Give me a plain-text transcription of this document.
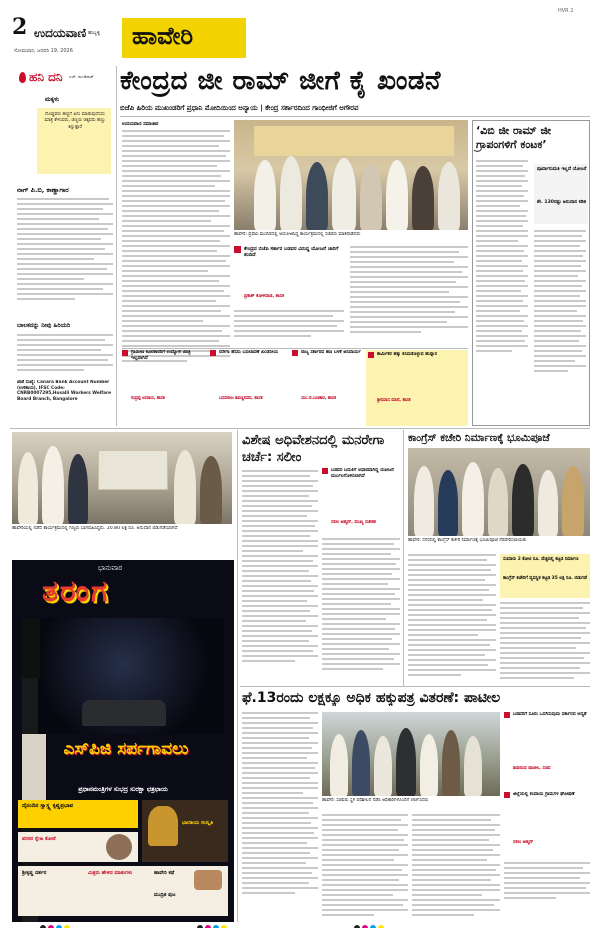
2 ಉದಯವಾಣಿ ಹುಬ್ಬಳ್ಳಿ
ಸೋಮವಾರ, ಜನವರಿ 19, 2026
ಹಾವೇರಿ
HVR 2
ಹನಿ ದನಿ ಎಚ್. ಡುಂಡಿರಾಜ್
ಮಕ್ಕಳು
ದೊಡ್ಡವರು ಹಣ್ಣಿಗೆ ಏನು ಮಾಡುವುದೆಂದು ಮಾತ್ರ ಕೇಳುವರು, ಚಿಣ್ಣರು ಚಿಕ್ಕವರು ಹಣ್ಣು ತಿನ್ನುತ್ತಾರೆ
ನಾಗ್ ಪಿ.ಬಿ, ಕಾಣ್ಣಾಗಾರ
ಬಾಲಕನನ್ನು ನೀವು ಹಿರಿಯರಿ
ಖಾತೆ ಸಂಖ್ಯೆ: Canara Bank Account Number (ಉಳಿತಾಯ), IFSC Code: CNRB0007295,Hosalli Workers Welfare Board Branch, Bangalore
ಕೇಂದ್ರದ ಜೀ ರಾಮ್ ಜೀಗೆ ಕೈ ಖಂಡನೆ
ಬಿಜೆಪಿ ಹಿರಿಯ ಮುಖಂಡರಿಗೆ ಪ್ರಧಾನಿ ಮೋದಿಯಿಂದ ಅನ್ಯಾಯ | ಕೇಂದ್ರ ಸರ್ಕಾರದಿಂದ ಗಾಂಧೀಜಿಗೆ ಅಗೌರವ
ಉದಯವಾಣಿ ಸಮಾಚಾರ
ಹಾವೇರಿ: ಪ್ರವಾಸಿ ಮಂದಿರದಲ್ಲಿ ಆಯೋಜಿಸಿದ್ದ ಕಾರ್ಯಕ್ರಮದಲ್ಲಿ ಸಚಿವರು ಮಾತನಾಡಿದರು
‘ವಿಬಿ ಜೀ ರಾಮ್ ಜೀ ಗ್ರಾಪಂಗಳಿಗೆ ಕಂಟಕ’
ಪೂರ್ವಾನುಮತಿ ಇಲ್ಲದೆ ಯೋಜನೆ
ಶೇ. 130ರಷ್ಟು ಅನುದಾನ ಕಡಿತ
ಕೇಂದ್ರದ ಬಿಜೆಪಿ ಸರ್ಕಾರ ಬಡವರ ವಿರುದ್ಧ ಯೋಜನೆ ಜಾರಿಗೆ ತಂದಿದೆ
ಪ್ರಕಾಶ್ ಕೋಳಿವಾಡ, ಶಾಸಕ
ಗ್ರಾಮೀಣ ಕೂಲಿಕಾರರಿಗೆ ಉದ್ಯೋಗ ಖಾತ್ರಿ ಇಲ್ಲವಾಗಿದೆ
ರುದ್ರಪ್ಪ ಲಮಾಣಿ, ಶಾಸಕ
ನರೇಗಾ ಹೆಸರು ಬದಲಾವಣೆ ಖಂಡನೀಯ
ಬಸವರಾಜ ಶಿವಣ್ಣನವರ, ಶಾಸಕ
ರಾಜ್ಯ ಸರ್ಕಾರದ ಹಣ ಬಳಕೆ ಅನಿವಾರ್ಯ
ಯು.ಬಿ.ಬಣಕಾರ, ಶಾಸಕ
ಕಾರ್ಮಿಕರ ಹಕ್ಕು ಕಸಿದುಕೊಳ್ಳುವ ಹುನ್ನಾರ
ಶ್ರೀನಿವಾಸ ಮಾನೆ, ಶಾಸಕ
ಹಾವೇರಿಯಲ್ಲಿ ನಡೆದ ಕಾರ್ಯಕ್ರಮದಲ್ಲಿ ಗಣ್ಯರು ಭಾಗವಹಿಸಿದ್ದರು. 20.80 ಲಕ್ಷ ರೂ. ಅನುದಾನ ಬಿಡುಗಡೆಯಾಗಿದೆ
ಭಾನುವಾರ
ತರಂಗ
ಎಸ್‌ಪಿಜಿ ಸರ್ಪಗಾವಲು
ಪ್ರಧಾನಮಂತ್ರಿಗಳ ಸುಭದ್ರ ಸುರಕ್ಷಾ ಛತ್ರಛಾಯ
ದೈನಂದಿನ ಸ್ವಾಸ್ಥ್ಯ ಕೃಷ್ಣಪ್ರಭಾವ
ಪರಿಸರ ಸ್ನೇಹಿ ಕೋಟೆ
ಭಾರತೀಯ ಸಂಸ್ಕೃತಿ
ಶ್ರೀಕೃಷ್ಣ ದರ್ಶನ	ಮಿತ್ರರು ಹೇಳಿದ ಮಾತುಗಳು	ಹಾವೇರಿ ಕಥೆ
ಮುದ್ರಿತ ಪುಟ
ವಿಶೇಷ ಅಧಿವೇಶನದಲ್ಲಿ ಮನರೇಗಾ ಚರ್ಚೆ: ಸಲೀಂ
ಬಡವರ ಬದುಕಿಗೆ ಆಧಾರವಾಗಿದ್ದ ಯೋಜನೆ ದುರ್ಬಲಗೊಳಿಸಲಾಗಿದೆ
ಸಲೀಂ ಅಹ್ಮದ್, ಮುಖ್ಯ ಸಚೇತಕ
ಕಾಂಗ್ರೆಸ್ ಕಚೇರಿ ನಿರ್ಮಾಣಕ್ಕೆ ಭೂಮಿಪೂಜೆ
ಹಾವೇರಿ: ನಗರದಲ್ಲಿ ಕಾಂಗ್ರೆಸ್ ಕಚೇರಿ ನಿರ್ಮಾಣಕ್ಕೆ ಭೂಮಿಪೂಜೆ ನೆರವೇರಿಸಲಾಯಿತು
ಸುಮಾರು 2 ಕೋಟಿ ರೂ. ವೆಚ್ಚದಲ್ಲಿ ಕಟ್ಟಡ ನಿರ್ಮಾಣ
ಕಾಂಗ್ರೆಸ್ ಕಚೇರಿಗೆ ವ್ಯವಸ್ಥಿತ ಕಟ್ಟಡ 35 ಲಕ್ಷ ರೂ. ಬಿಡುಗಡೆ
ಫೆ.13ರಂದು ಲಕ್ಷಕ್ಕೂ ಅಧಿಕ ಹಕ್ಕುಪತ್ರ ವಿತರಣೆ: ಪಾಟೀಲ
ಹಾವೇರಿ: ಸಚಿವರು ಸ್ಥಳ ಪರಿಶೀಲನೆ ನಡೆಸಿ ಅಧಿಕಾರಿಗಳೊಂದಿಗೆ ಚರ್ಚಿಸಿದರು
ಬಡವರಿಗೆ ಸೂರು ಒದಗಿಸುವುದು ಸರ್ಕಾರದ ಆದ್ಯತೆ
ಶಿವಾನಂದ ಪಾಟೀಲ, ಸಚಿವ
ಜಿಲ್ಲೆಯಲ್ಲಿ ಕಂದಾಯ ಗ್ರಾಮಗಳ ಘೋಷಣೆ
ಸಲೀಂ ಅಹ್ಮದ್
